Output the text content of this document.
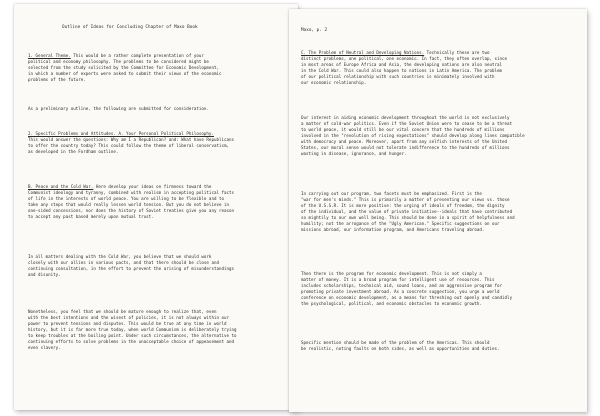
Outline of Ideas for Concluding Chapter of Maxo Book
1. General Theme. This would be a rather complete presentation of your
political and economy philosophy. The problems to be considered might be
selected from the study solicited by the Committee for Economic Development,
in which a number of experts were asked to submit their views of the economic
problems of the future.
As a preliminary outline, the following are submitted for consideration.
2. Specific Problems and Attitudes. A. Your Personal Political Philosophy.
This would answer the questions: Why am I a Republican? and: What have Republicans
to offer the country today? This could follow the theme of liberal conservatism,
as developed in the Fordham outline.
B. Peace and the Cold War. Here develop your ideas on firmness toward the
Communist ideology and tyranny, combined with realism in accepting political facts
of life in the interests of world peace. You are willing to be flexible and to
take any steps that would really lessen world tension. But you do not believe in
one-sided concessions, nor does the history of Soviet treaties give you any reason
to accept any past based merely upon mutual trust.
In all matters dealing with the Cold War, you believe that we should work
closely with our allies in various pacts, and that there should be close and
continuing consultation, in the effort to prevent the arising of misunderstandings
and disunity.
Nonetheless, you feel that we should be mature enough to realize that, even
with the best intentions and the wisest of policies, it is not always within our
power to prevent tensions and disputes. This would be true at any time in world
history, but it is far more true today, when world Communism is deliberately trying
to keep troubles at the boiling point. Under such circumstances, the alternative to
continuing efforts to solve problems in the unacceptable choice of appeasement and
even slavery.
Maxo, p. 2
C. The Problem of Neutral and Developing Nations. Technically these are two
distinct problems, one political, one economic. In fact, they often overlap, since
in most areas of Europe Africa and Asia, the developing nations are also neutral
in the Cold War. This could also happen to nations in Latin America. The problem
of our political relationship with such countries is minimately involved with
our economic relationship.
Our interest in aiding economic development throughout the world is not exclusively
a matter of cold-war politics. Even if the Soviet Union were to cease to be a threat
to world peace, it would still be our vital concern that the hundreds of millions
involved in the "revolution of rising expectations" should develop along lines compatible
with democracy and peace. Moreover, apart from any selfish interests of the United
States, our moral sense would not tolerate indifference to the hundreds of millions
wasting in disease, ignorance, and hunger.
In carrying out our program, two facets must be emphasized. First is the
"war for men's minds." This is primarily a matter of presenting our views vs. those
of the U.S.S.R. It is more positive: the urging of ideals of freedom, the dignity
of the individual, and the value of private initiative--ideals that have contributed
so mightily to our own well being. This should be done in a spirit of helpfulness and
humility; not the arrogance of the "Ugly American." Specific suggestions on our
missions abroad, our information program, and Americans traveling abroad.
Then there is the program for economic development. This is not simply a
matter of money. It is a broad program for intelligent use of resources. This
includes scholarships, technical aid, sound loans, and an aggressive program for
promoting private investment abroad. As a concrete suggestion, you urge a world
conference on economic development, as a means for threshing out openly and candidly
the psychological, political, and economic obstacles to economic growth.
Specific mention should be made of the problem of the Americas. This should
be realistic, noting faults on both sides, as well as opportunities and duties.
